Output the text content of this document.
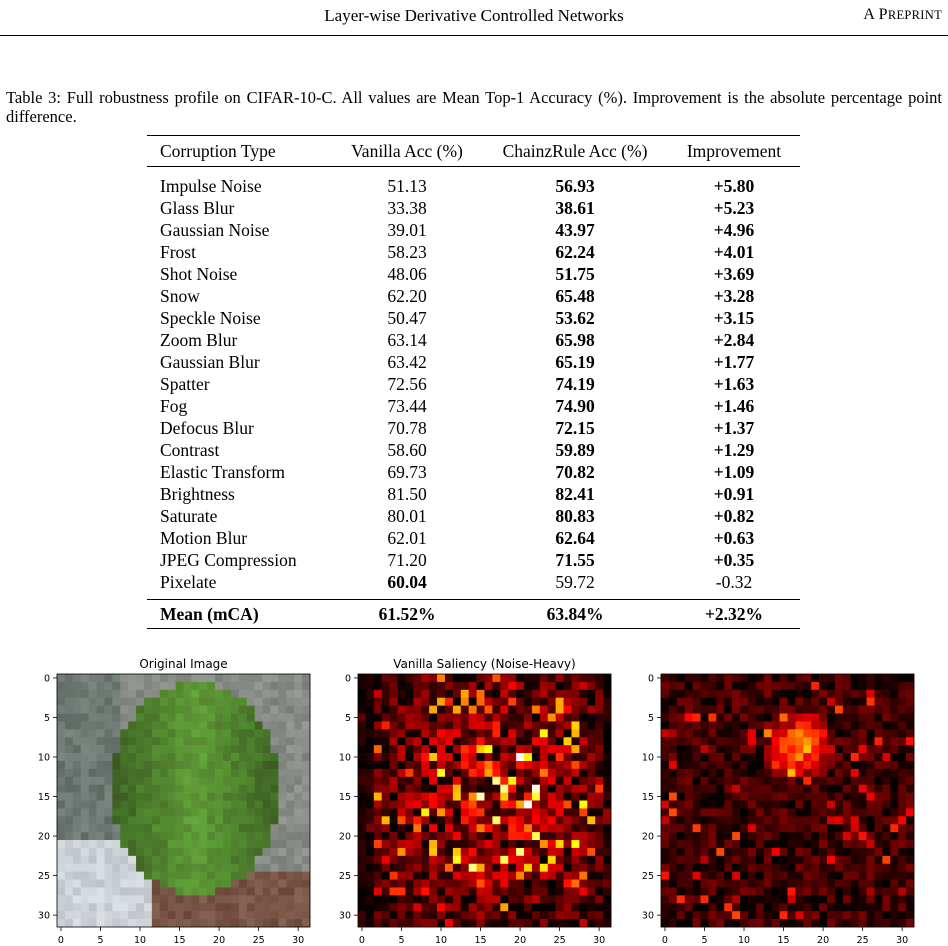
Layer-wise Derivative Controlled Networks	A PREPRINT
Table 3: Full robustness profile on CIFAR-10-C. All values are Mean Top-1 Accuracy (%). Improvement is the absolute percentage point difference.
Corruption Type	Vanilla Acc (%)	ChainzRule Acc (%)	Improvement
Impulse Noise	51.13	56.93	+5.80
Glass Blur	33.38	38.61	+5.23
Gaussian Noise	39.01	43.97	+4.96
Frost	58.23	62.24	+4.01
Shot Noise	48.06	51.75	+3.69
Snow	62.20	65.48	+3.28
Speckle Noise	50.47	53.62	+3.15
Zoom Blur	63.14	65.98	+2.84
Gaussian Blur	63.42	65.19	+1.77
Spatter	72.56	74.19	+1.63
Fog	73.44	74.90	+1.46
Defocus Blur	70.78	72.15	+1.37
Contrast	58.60	59.89	+1.29
Elastic Transform	69.73	70.82	+1.09
Brightness	81.50	82.41	+0.91
Saturate	80.01	80.83	+0.82
Motion Blur	62.01	62.64	+0.63
JPEG Compression	71.20	71.55	+0.35
Pixelate	60.04	59.72	-0.32
Mean (mCA)	61.52%	63.84%	+2.32%
Original Image
0
5
10
15
20
25
30
0	5	10	15	20	25	30
Vanilla Saliency (Noise-Heavy)
0
5
10
15
20
25
30
0	5	10	15	20	25	30
0
5
10
15
20
25
30
0	5	10	15	20	25	30
